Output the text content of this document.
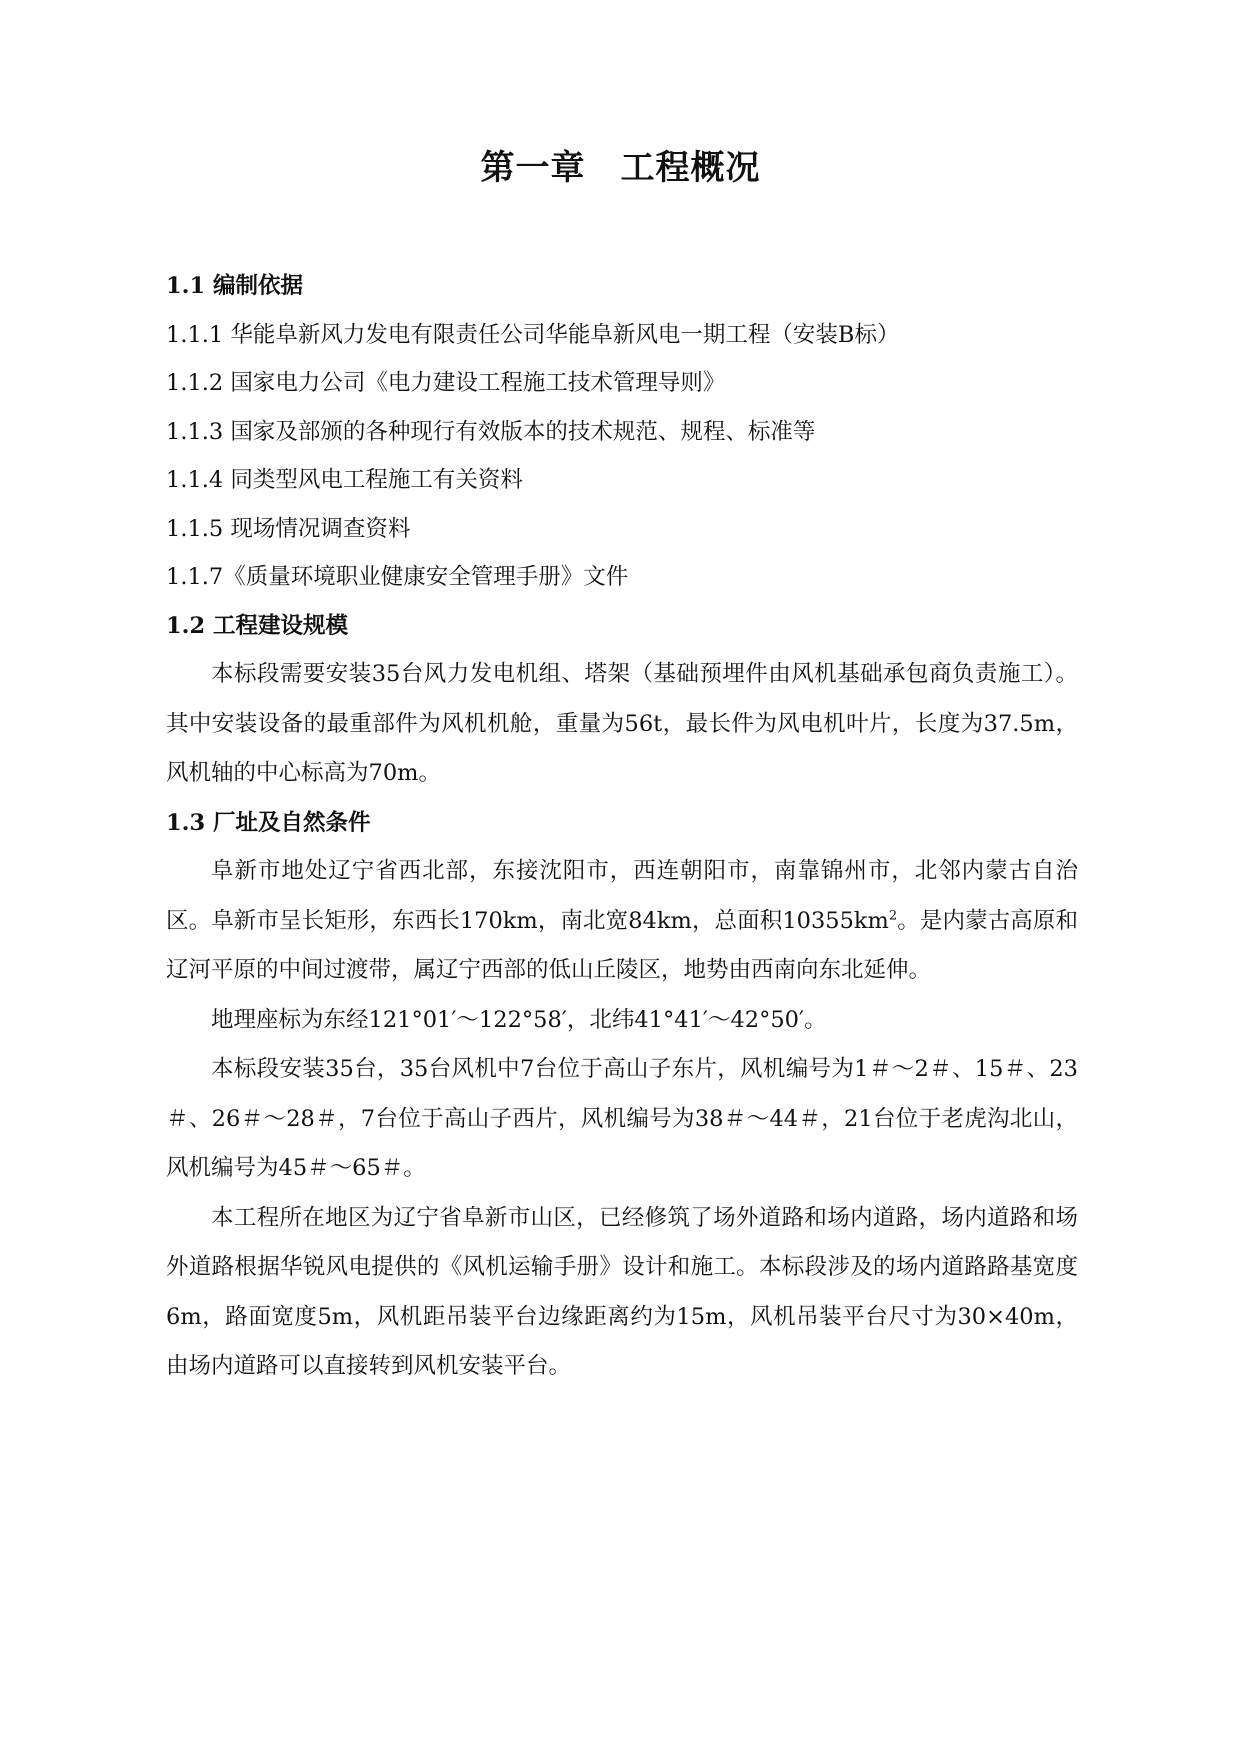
第一章　工程概况
1.1 编制依据
1.1.1 华能阜新风力发电有限责任公司华能阜新风电一期工程（安装B标）
1.1.2 国家电力公司《电力建设工程施工技术管理导则》
1.1.3 国家及部颁的各种现行有效版本的技术规范、规程、标准等
1.1.4 同类型风电工程施工有关资料
1.1.5 现场情况调查资料
1.1.7《质量环境职业健康安全管理手册》文件
1.2 工程建设规模

本标段需要安装35台风力发电机组、塔架（基础预埋件由风机基础承包商负责施工）。其中安装设备的最重部件为风机机舱，重量为56t，最长件为风电机叶片，长度为37.5m，风机轴的中心标高为70m。

1.3 厂址及自然条件

阜新市地处辽宁省西北部，东接沈阳市，西连朝阳市，南靠锦州市，北邻内蒙古自治区。阜新市呈长矩形，东西长170km，南北宽84km，总面积$10355km^2$。是内蒙古高原和辽河平原的中间过渡带，属辽宁西部的低山丘陵区，地势由西南向东北延伸。

地理座标为东经121°01′～122°58′，北纬41°41′～42°50′。

本标段安装35台，35台风机中7台位于高山子东片，风机编号为1＃～2＃、15＃、23＃、26＃～28＃，7台位于高山子西片，风机编号为38＃～44＃，21台位于老虎沟北山，风机编号为45＃～65＃。

本工程所在地区为辽宁省阜新市山区，已经修筑了场外道路和场内道路，场内道路和场外道路根据华锐风电提供的《风机运输手册》设计和施工。本标段涉及的场内道路路基宽度6m，路面宽度5m，风机距吊装平台边缘距离约为15m，风机吊装平台尺寸为30×40m，由场内道路可以直接转到风机安装平台。
